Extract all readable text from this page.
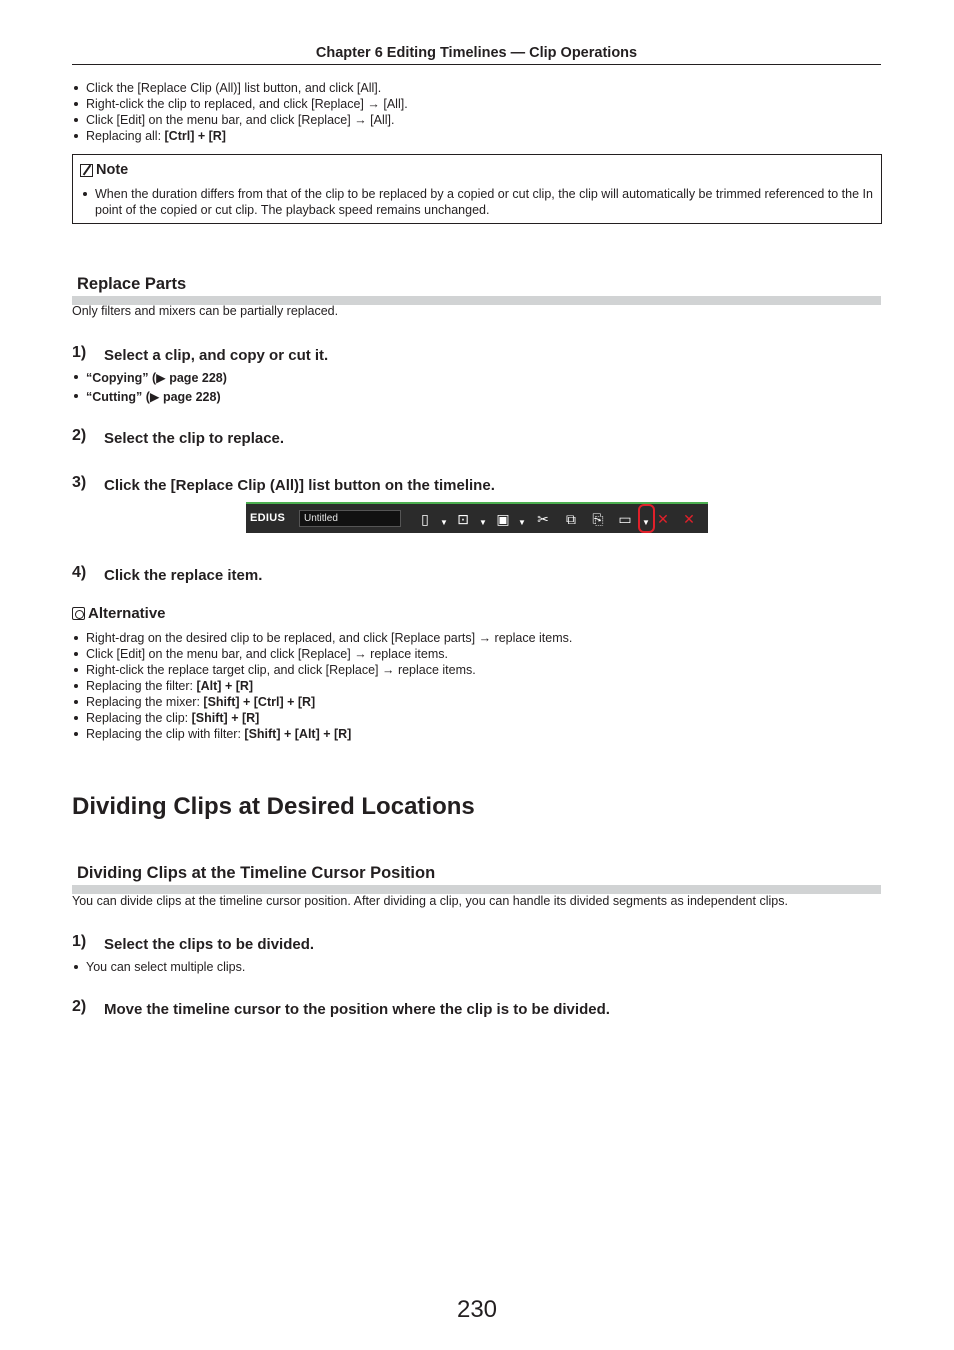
Chapter 6 Editing Timelines — Clip Operations
Click the [Replace Clip (All)] list button, and click [All].
Right-click the clip to replaced, and click [Replace] → [All].
Click [Edit] on the menu bar, and click [Replace] → [All].
Replacing all: [Ctrl] + [R]
Note
When the duration differs from that of the clip to be replaced by a copied or cut clip, the clip will automatically be trimmed referenced to the In point of the copied or cut clip. The playback speed remains unchanged.
Replace Parts
Only filters and mixers can be partially replaced.
1) Select a clip, and copy or cut it.
“Copying” (▶ page 228)
“Cutting” (▶ page 228)
2) Select the clip to replace.
3) Click the [Replace Clip (All)] list button on the timeline.
EDIUS	Untitled	▯	▼ ⊡	▼ ▣ ▼ ✂ ⧉ ⎘ ▭ ▼ ✕ ✕
4) Click the replace item.
Alternative
Right-drag on the desired clip to be replaced, and click [Replace parts] → replace items.
Click [Edit] on the menu bar, and click [Replace] → replace items.
Right-click the replace target clip, and click [Replace] → replace items.
Replacing the filter: [Alt] + [R]
Replacing the mixer: [Shift] + [Ctrl] + [R]
Replacing the clip: [Shift] + [R]
Replacing the clip with filter: [Shift] + [Alt] + [R]
Dividing Clips at Desired Locations
Dividing Clips at the Timeline Cursor Position
You can divide clips at the timeline cursor position. After dividing a clip, you can handle its divided segments as independent clips.
1) Select the clips to be divided.
You can select multiple clips.
2) Move the timeline cursor to the position where the clip is to be divided.
230
